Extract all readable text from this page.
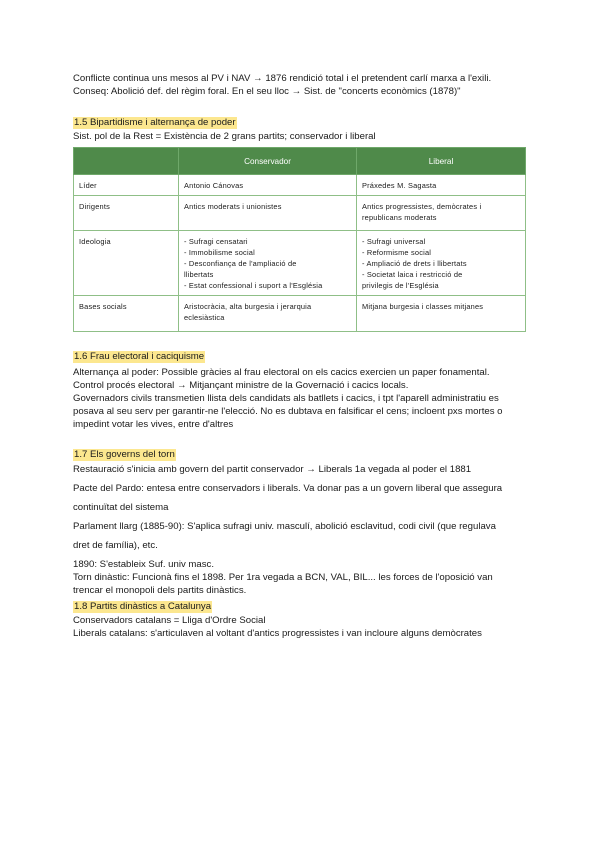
Conflicte continua uns mesos al PV i NAV → 1876 rendició total i el pretendent carlí marxa a l'exili.
Conseq: Abolició def. del règim foral. En el seu lloc → Sist. de "concerts econòmics (1878)"
1.5 Bipartidisme i alternança de poder
Sist. pol de la Rest = Existència de 2 grans partits; conservador i liberal
	Conservador	Liberal
Líder	Antonio Cánovas	Práxedes M. Sagasta
Dirigents	Antics moderats i unionistes	Antics progressistes, demòcrates i
republicans moderats
Ideologia	- Sufragi censatari
- Immobilisme social
- Desconfiança de l'ampliació de
llibertats
- Estat confessional i suport a l'Església	- Sufragi universal
- Reformisme social
- Ampliació de drets i llibertats
- Societat laica i restricció de
privilegis de l'Església
Bases socials	Aristocràcia, alta burgesia i jerarquia
eclesiàstica	Mitjana burgesia i classes mitjanes
1.6 Frau electoral i caciquisme
Alternança al poder: Possible gràcies al frau electoral on els cacics exercien un paper fonamental.
Control procés electoral → Mitjançant ministre de la Governació i cacics locals.
Governadors civils transmetien llista dels candidats als batllets i cacics, i tpt l'aparell administratiu es
posava al seu serv per garantir-ne l'elecció. No es dubtava en falsificar el cens; incloent pxs mortes o
impedint votar les vives, entre d'altres
1.7 Els governs del torn
Restauració s'inicia amb govern del partit conservador → Liberals 1a vegada al poder el 1881
Pacte del Pardo: entesa entre conservadors i liberals. Va donar pas a un govern liberal que assegura
continuïtat del sistema
Parlament llarg (1885-90): S'aplica sufragi univ. masculí, abolició esclavitud, codi civil (que regulava
dret de família), etc.
1890: S'estableix Suf. univ masc.
Torn dinàstic: Funcionà fins el 1898. Per 1ra vegada a BCN, VAL, BIL... les forces de l'oposició van
trencar el monopoli dels partits dinàstics.
1.8 Partits dinàstics a Catalunya
Conservadors catalans = Lliga d'Ordre Social
Liberals catalans: s'articulaven al voltant d'antics progressistes i van incloure alguns demòcrates
